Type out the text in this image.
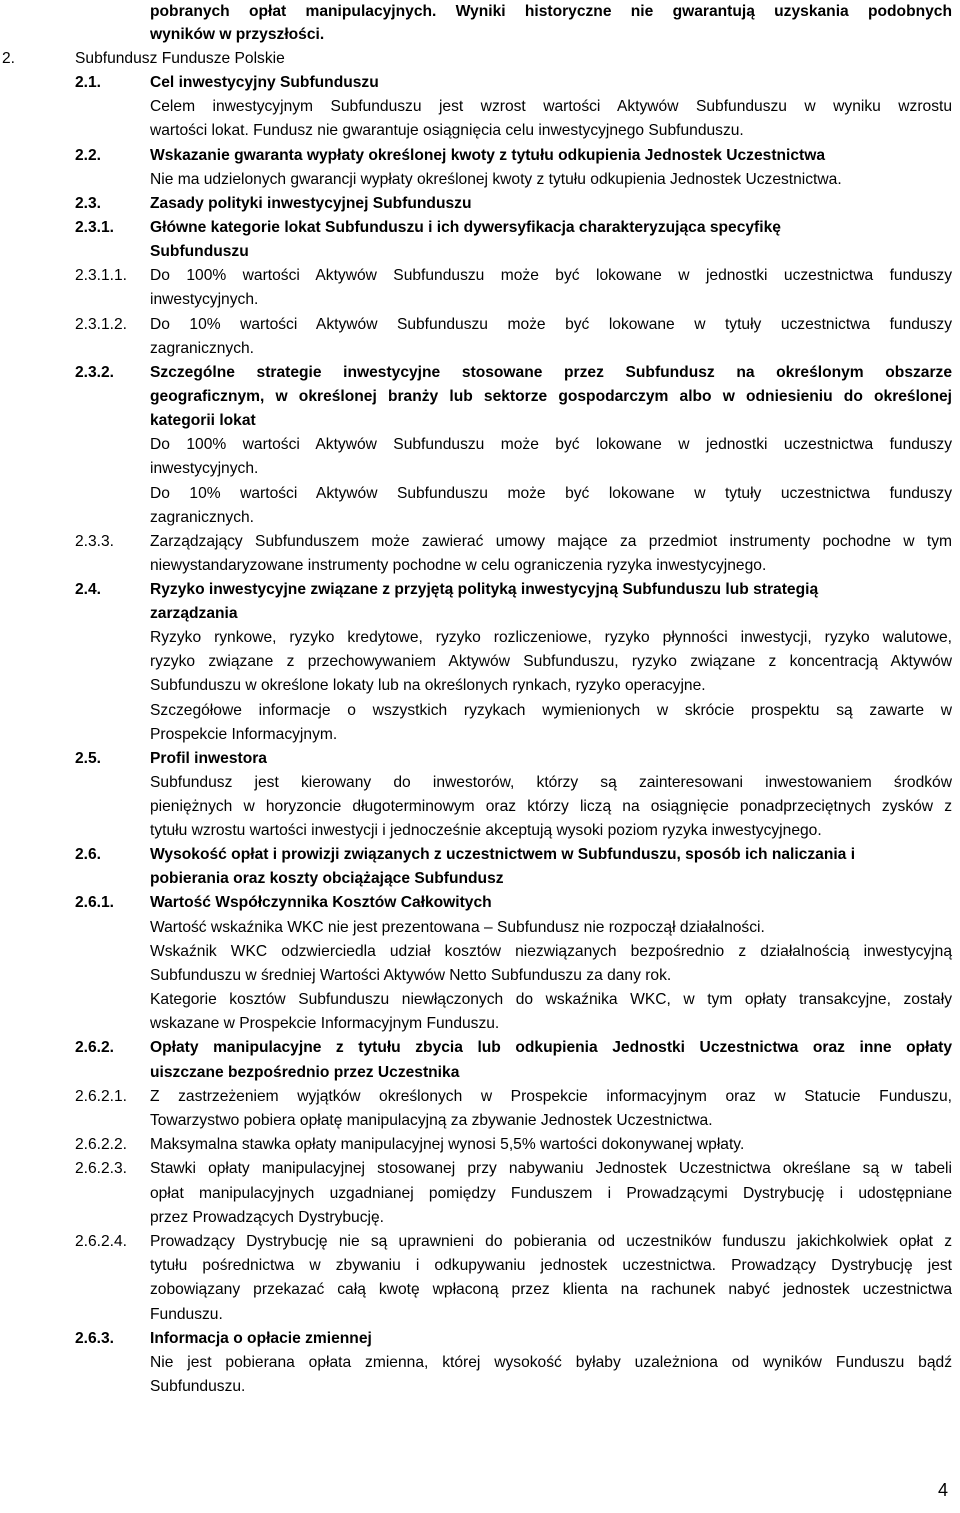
pobranych opłat manipulacyjnych. Wyniki historyczne nie gwarantują uzyskania podobnych
wyników w przyszłości.
2.	Subfundusz Fundusze Polskie
2.1.	Cel inwestycyjny Subfunduszu
Celem inwestycyjnym Subfunduszu jest wzrost wartości Aktywów Subfunduszu w wyniku wzrostu
wartości lokat. Fundusz nie gwarantuje osiągnięcia celu inwestycyjnego Subfunduszu.
2.2.	Wskazanie gwaranta wypłaty określonej kwoty z tytułu odkupienia Jednostek Uczestnictwa
Nie ma udzielonych gwarancji wypłaty określonej kwoty z tytułu odkupienia Jednostek Uczestnictwa.
2.3.	Zasady polityki inwestycyjnej Subfunduszu
2.3.1. Główne kategorie lokat Subfunduszu i ich dywersyfikacja charakteryzująca specyfikę
Subfunduszu
2.3.1.1. Do 100% wartości Aktywów Subfunduszu może być lokowane w jednostki uczestnictwa funduszy
inwestycyjnych.
2.3.1.2. Do 10% wartości Aktywów Subfunduszu może być lokowane w tytuły uczestnictwa funduszy
zagranicznych.
2.3.2. Szczególne strategie inwestycyjne stosowane przez Subfundusz na określonym obszarze
geograficznym, w określonej branży lub sektorze gospodarczym albo w odniesieniu do określonej
kategorii lokat
Do 100% wartości Aktywów Subfunduszu może być lokowane w jednostki uczestnictwa funduszy
inwestycyjnych.
Do 10% wartości Aktywów Subfunduszu może być lokowane w tytuły uczestnictwa funduszy
zagranicznych.
2.3.3. Zarządzający Subfunduszem może zawierać umowy mające za przedmiot instrumenty pochodne w tym
niewystandaryzowane instrumenty pochodne w celu ograniczenia ryzyka inwestycyjnego.
2.4.	Ryzyko inwestycyjne związane z przyjętą polityką inwestycyjną Subfunduszu lub strategią
zarządzania
Ryzyko rynkowe, ryzyko kredytowe, ryzyko rozliczeniowe, ryzyko płynności inwestycji, ryzyko walutowe,
ryzyko związane z przechowywaniem Aktywów Subfunduszu, ryzyko związane z koncentracją Aktywów
Subfunduszu w określone lokaty lub na określonych rynkach, ryzyko operacyjne.
Szczegółowe informacje o wszystkich ryzykach wymienionych w skrócie prospektu są zawarte w
Prospekcie Informacyjnym.
2.5.	Profil inwestora
Subfundusz jest kierowany do inwestorów, którzy są zainteresowani inwestowaniem środków
pieniężnych w horyzoncie długoterminowym oraz którzy liczą na osiągnięcie ponadprzeciętnych zysków z
tytułu wzrostu wartości inwestycji i jednocześnie akceptują wysoki poziom ryzyka inwestycyjnego.
2.6.	Wysokość opłat i prowizji związanych z uczestnictwem w Subfunduszu, sposób ich naliczania i
pobierania oraz koszty obciążające Subfundusz
2.6.1. Wartość Współczynnika Kosztów Całkowitych
Wartość wskaźnika WKC nie jest prezentowana – Subfundusz nie rozpoczął działalności.
Wskaźnik WKC odzwierciedla udział kosztów niezwiązanych bezpośrednio z działalnością inwestycyjną
Subfunduszu w średniej Wartości Aktywów Netto Subfunduszu za dany rok.
Kategorie kosztów Subfunduszu niewłączonych do wskaźnika WKC, w tym opłaty transakcyjne, zostały
wskazane w Prospekcie Informacyjnym Funduszu.
2.6.2. Opłaty manipulacyjne z tytułu zbycia lub odkupienia Jednostki Uczestnictwa oraz inne opłaty
uiszczane bezpośrednio przez Uczestnika
2.6.2.1. Z zastrzeżeniem wyjątków określonych w Prospekcie informacyjnym oraz w Statucie Funduszu,
Towarzystwo pobiera opłatę manipulacyjną za zbywanie Jednostek Uczestnictwa.
2.6.2.2. Maksymalna stawka opłaty manipulacyjnej wynosi 5,5% wartości dokonywanej wpłaty.
2.6.2.3. Stawki opłaty manipulacyjnej stosowanej przy nabywaniu Jednostek Uczestnictwa określane są w tabeli
opłat manipulacyjnych uzgadnianej pomiędzy Funduszem i Prowadzącymi Dystrybucję i udostępniane
przez Prowadzących Dystrybucję.
2.6.2.4. Prowadzący Dystrybucję nie są uprawnieni do pobierania od uczestników funduszu jakichkolwiek opłat z
tytułu pośrednictwa w zbywaniu i odkupywaniu jednostek uczestnictwa. Prowadzący Dystrybucję jest
zobowiązany przekazać całą kwotę wpłaconą przez klienta na rachunek nabyć jednostek uczestnictwa
Funduszu.
2.6.3. Informacja o opłacie zmiennej
Nie jest pobierana opłata zmienna, której wysokość byłaby uzależniona od wyników Funduszu bądź
Subfunduszu.
4
